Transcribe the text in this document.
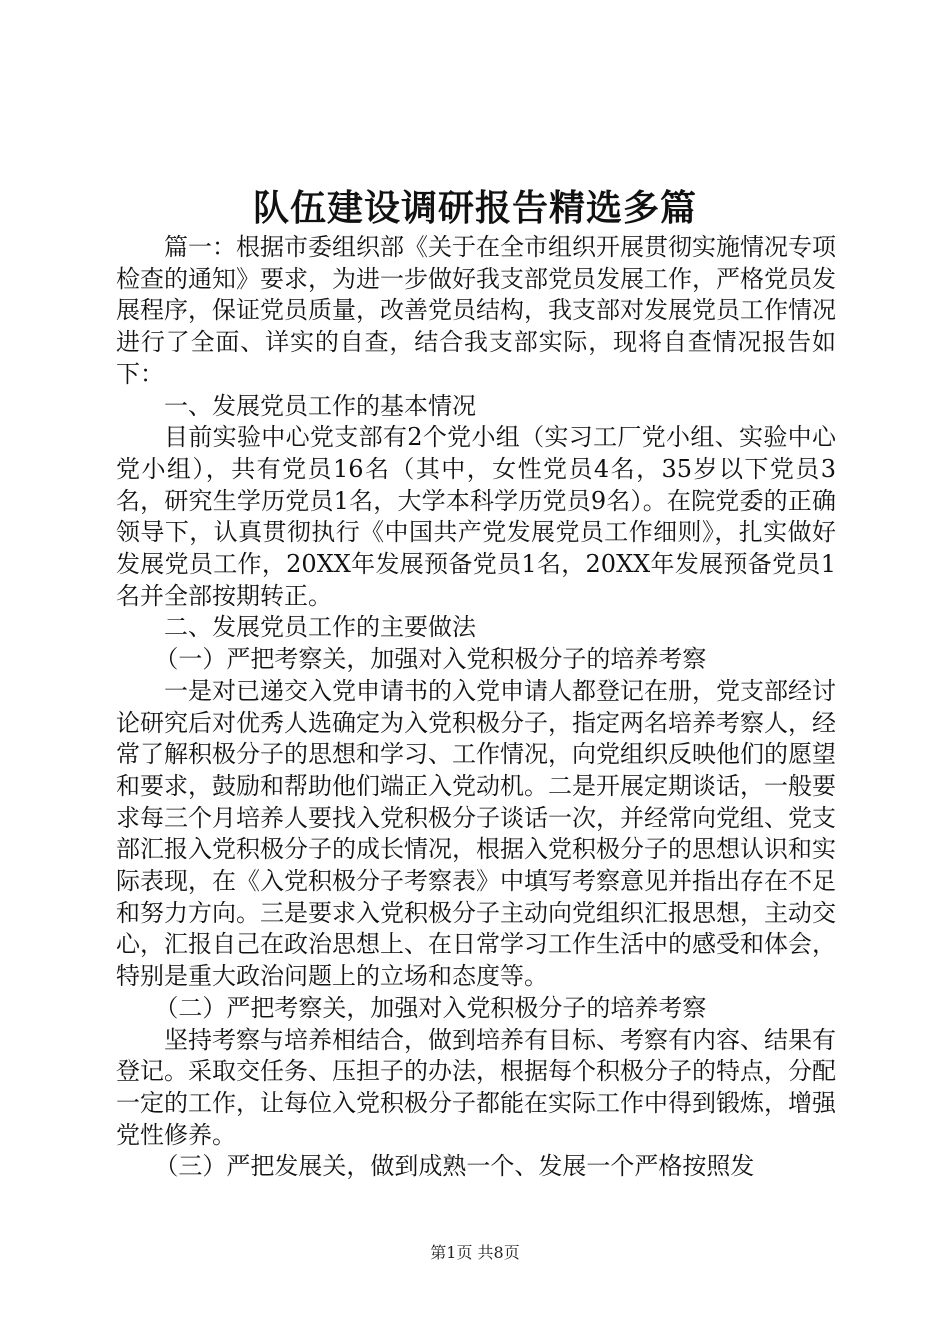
队伍建设调研报告精选多篇

篇一：根据市委组织部《关于在全市组织开展贯彻实施情况专项检查的通知》要求，为进一步做好我支部党员发展工作，严格党员发展程序，保证党员质量，改善党员结构，我支部对发展党员工作情况进行了全面、详实的自查，结合我支部实际，现将自查情况报告如下：

一、发展党员工作的基本情况

目前实验中心党支部有2个党小组（实习工厂党小组、实验中心党小组），共有党员16名（其中，女性党员4名，35岁以下党员3名，研究生学历党员1名，大学本科学历党员9名）。在院党委的正确领导下，认真贯彻执行《中国共产党发展党员工作细则》，扎实做好发展党员工作，20XX年发展预备党员1名，20XX年发展预备党员1名并全部按期转正。

二、发展党员工作的主要做法

（一）严把考察关，加强对入党积极分子的培养考察

一是对已递交入党申请书的入党申请人都登记在册，党支部经讨论研究后对优秀人选确定为入党积极分子，指定两名培养考察人，经常了解积极分子的思想和学习、工作情况，向党组织反映他们的愿望和要求，鼓励和帮助他们端正入党动机。二是开展定期谈话，一般要求每三个月培养人要找入党积极分子谈话一次，并经常向党组、党支部汇报入党积极分子的成长情况，根据入党积极分子的思想认识和实际表现，在《入党积极分子考察表》中填写考察意见并指出存在不足和努力方向。三是要求入党积极分子主动向党组织汇报思想，主动交心，汇报自己在政治思想上、在日常学习工作生活中的感受和体会，特别是重大政治问题上的立场和态度等。

（二）严把考察关，加强对入党积极分子的培养考察

坚持考察与培养相结合，做到培养有目标、考察有内容、结果有登记。采取交任务、压担子的办法，根据每个积极分子的特点，分配一定的工作，让每位入党积极分子都能在实际工作中得到锻炼，增强党性修养。

（三）严把发展关，做到成熟一个、发展一个严格按照发

第1页 共8页
